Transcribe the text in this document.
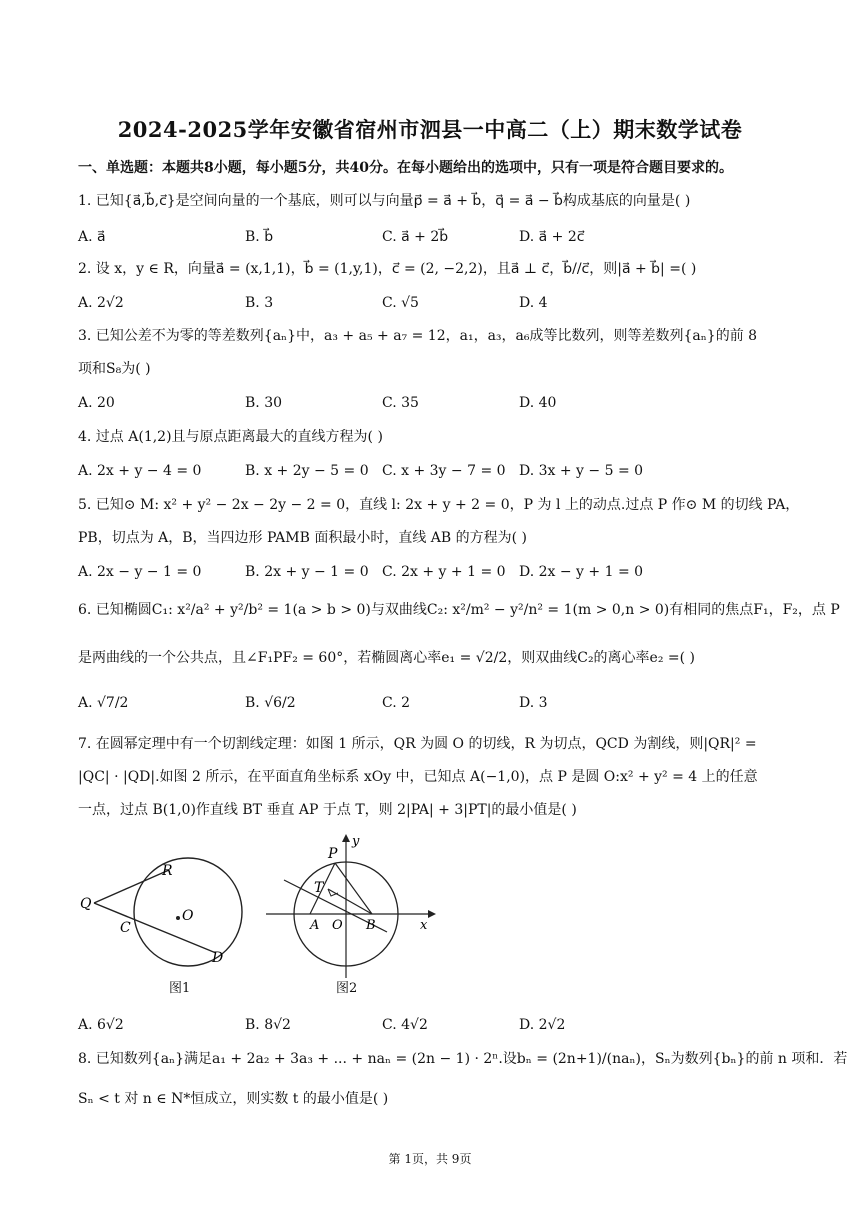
2024-2025学年安徽省宿州市泗县一中高二（上）期末数学试卷
一、单选题：本题共8小题，每小题5分，共40分。在每小题给出的选项中，只有一项是符合题目要求的。
1. 已知{a⃗,b⃗,c⃗}是空间向量的一个基底，则可以与向量p⃗ = a⃗ + b⃗，q⃗ = a⃗ − b⃗构成基底的向量是( )
A. a⃗	B. b⃗	C. a⃗ + 2b⃗	D. a⃗ + 2c⃗
2. 设 x，y ∈ R，向量a⃗ = (x,1,1)，b⃗ = (1,y,1)，c⃗ = (2, −2,2)，且a⃗ ⊥ c⃗，b⃗//c⃗，则|a⃗ + b⃗| =( )
A. 2√2	B. 3	C. √5	D. 4
3. 已知公差不为零的等差数列{aₙ}中，a₃ + a₅ + a₇ = 12，a₁，a₃，a₆成等比数列，则等差数列{aₙ}的前 8
项和S₈为( )
A. 20	B. 30	C. 35	D. 40
4. 过点 A(1,2)且与原点距离最大的直线方程为( )
A. 2x + y − 4 = 0	B. x + 2y − 5 = 0 C. x + 3y − 7 = 0 D. 3x + y − 5 = 0
5. 已知⊙ M: x² + y² − 2x − 2y − 2 = 0，直线 l: 2x + y + 2 = 0，P 为 l 上的动点.过点 P 作⊙ M 的切线 PA，
PB，切点为 A，B，当四边形 PAMB 面积最小时，直线 AB 的方程为( )
A. 2x − y − 1 = 0	B. 2x + y − 1 = 0 C. 2x + y + 1 = 0 D. 2x − y + 1 = 0
6. 已知椭圆C₁: x²/a² + y²/b² = 1(a > b > 0)与双曲线C₂: x²/m² − y²/n² = 1(m > 0,n > 0)有相同的焦点F₁，F₂，点 P
是两曲线的一个公共点，且∠F₁PF₂ = 60°，若椭圆离心率e₁ = √2/2，则双曲线C₂的离心率e₂ =( )
A. √7/2	B. √6/2	C. 2	D. 3
7. 在圆幂定理中有一个切割线定理：如图 1 所示，QR 为圆 O 的切线，R 为切点，QCD 为割线，则|QR|² =
|QC| · |QD|.如图 2 所示，在平面直角坐标系 xOy 中，已知点 A(−1,0)，点 P 是圆 O:x² + y² = 4 上的任意
一点，过点 B(1,0)作直线 BT 垂直 AP 于点 T，则 2|PA| + 3|PT|的最小值是( )
Q
R
O
C
D
图1
P
y
T
A O B	x
图2
A. 6√2	B. 8√2	C. 4√2	D. 2√2
8. 已知数列{aₙ}满足a₁ + 2a₂ + 3a₃ + ... + naₙ = (2n − 1) · 2ⁿ.设bₙ = (2n+1)/(naₙ)，Sₙ为数列{bₙ}的前 n 项和．若
Sₙ < t 对 n ∈ N*恒成立，则实数 t 的最小值是( )
第 1页，共 9页
